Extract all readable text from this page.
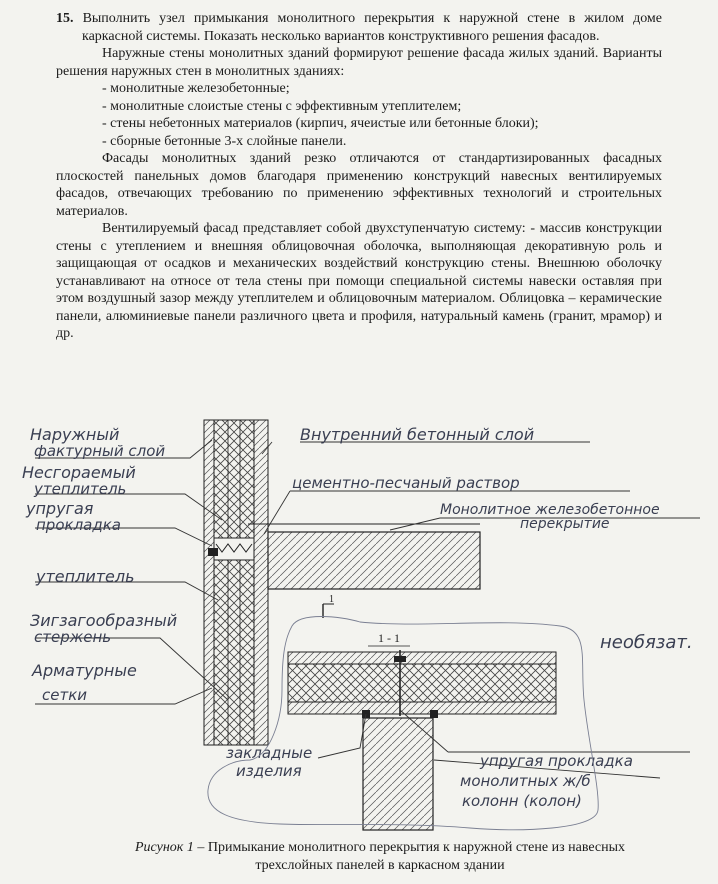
15. Выполнить узел примыкания монолитного перекрытия к наружной стене в жилом доме каркасной системы. Показать несколько вариантов конструктивного решения фасадов.

Наружные стены монолитных зданий формируют решение фасада жилых зданий. Варианты решения наружных стен в монолитных зданиях:

- монолитные железобетонные;
- монолитные слоистые стены с эффективным утеплителем;
- стены небетонных материалов (кирпич, ячеистые или бетонные блоки);
- сборные бетонные 3-х слойные панели.

Фасады монолитных зданий резко отличаются от стандартизированных фасадных плоскостей панельных домов благодаря применению конструкций навесных вентилируемых фасадов, отвечающих требованию по применению эффективных технологий и строительных материалов.

Вентилируемый фасад представляет собой двухступенчатую систему: - массив конструкции стены с утеплением и внешняя облицовочная оболочка, выполняющая декоративную роль и защищающая от осадков и механических воздействий конструкцию стены. Внешнюю оболочку устанавливают на относе от тела стены при помощи специальной системы навески оставляя при этом воздушный зазор между утеплителем и облицовочным материалом. Облицовка – керамические панели, алюминиевые панели различного цвета и профиля, натуральный камень (гранит, мрамор) и др.

1
1 - 1
Наружный
фактурный слой
Несгораемый
утеплитель
упругая
прокладка
утеплитель
Зигзагообразный
стержень
Арматурные
сетки
Внутренний бетонный слой
цементно-песчаный раствор
Монолитное железобетонное
перекрытие
закладные
изделия
упругая прокладка
монолитных ж/б
колонн (колон)
необязат.
Рисунок 1 – Примыкание монолитного перекрытия к наружной стене из навесных трехслойных панелей в каркасном здании
